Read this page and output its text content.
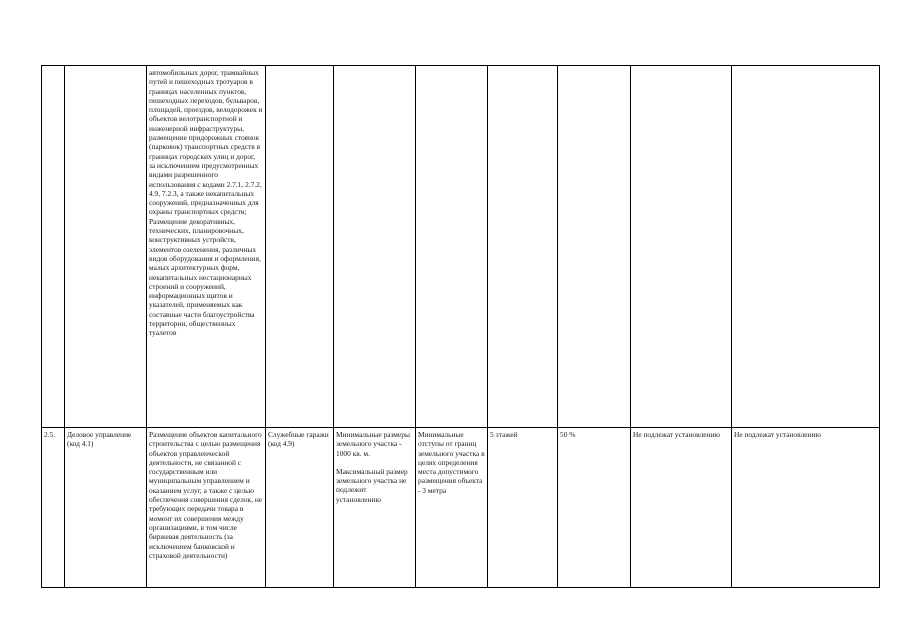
		автомобильных дорог, трамвайных путей и пешеходных тротуаров в границах населенных пунктов, пешеходных переходов, бульваров, площадей, проездов, велодорожек и объектов велотранспортной и инженерной инфраструктуры, размещение придорожных стоянок (парковок) транспортных средств в границах городских улиц и дорог, за исключением предусмотренных видами разрешенного использования с кодами 2.7.1, 2.7.2, 4.9, 7.2.3, а также некапитальных сооружений, предназначенных для охраны транспортных средств;

Размещение декоративных, технических, планировочных, конструктивных устройств, элементов озеленения, различных видов оборудования и оформления, малых архитектурных форм, некапитальных нестационарных строений и сооружений, информационных щитов и указателей, применяемых как составные части благоустройства территории, общественных туалетов							

2.5.	Деловое управление (код 4.1)	Размещение объектов капитального строительства с целью размещения объектов управленческой деятельности, не связанной с государственным или муниципальным управлением и оказанием услуг, а также с целью обеспечения совершения сделок, не требующих передачи товара в момент их совершения между организациями, в том числе биржевая деятельность (за исключением банковской и страховой деятельности)	Служебные гаражи (код 4.9)	Минимальные размеры земельного участка - 1000 кв. м.

Максимальный размер земельного участка не подлежит установлению	Минимальные отступы от границ земельного участка в целях определения места допустимого размещения объекта - 3 метра	5 этажей	50 %	Не подлежат установлению	Не подлежат установлению
